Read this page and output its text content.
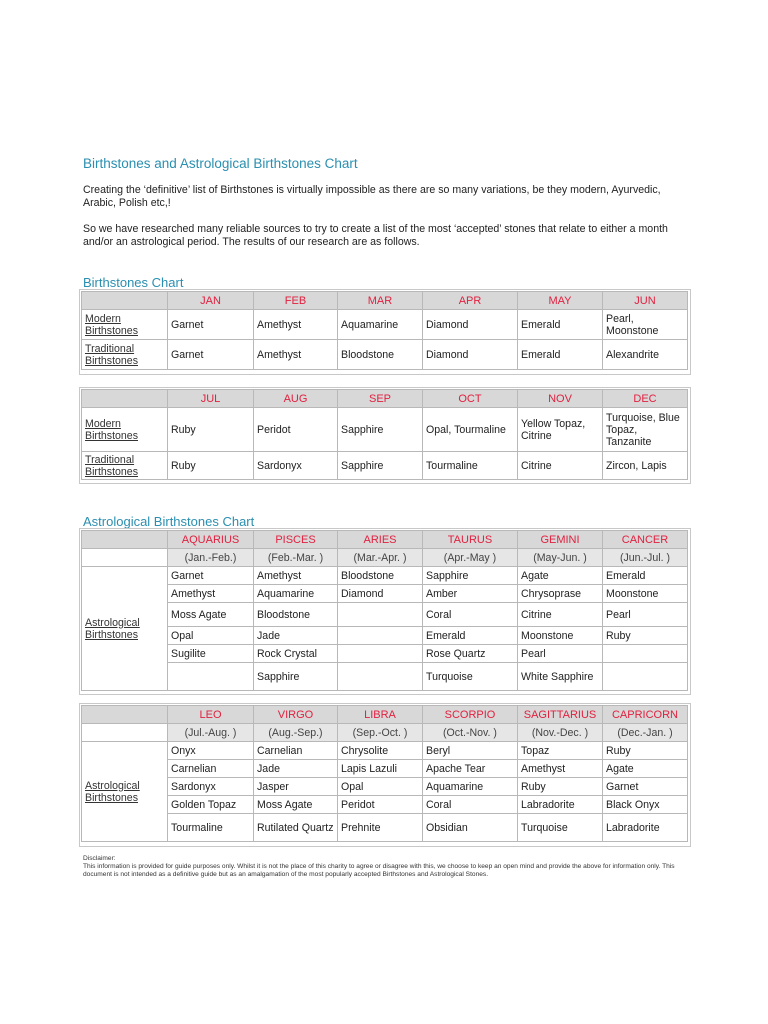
Birthstones and Astrological Birthstones Chart
Creating the ‘definitive’ list of Birthstones is virtually impossible as there are so many variations, be they modern, Ayurvedic, Arabic, Polish etc,!
So we have researched many reliable sources to try to create a list of the most ‘accepted’ stones that relate to either a month and/or an astrological period. The results of our research are as follows.
Birthstones Chart
	JAN	FEB	MAR	APR	MAY	JUN
Modern Birthstones	Garnet	Amethyst	Aquamarine	Diamond	Emerald	Pearl, Moonstone
Traditional Birthstones	Garnet	Amethyst	Bloodstone	Diamond	Emerald	Alexandrite
	JUL	AUG	SEP	OCT	NOV	DEC
Modern Birthstones	Ruby	Peridot	Sapphire	Opal, Tourmaline	Yellow Topaz, Citrine	Turquoise, Blue Topaz, Tanzanite
Traditional Birthstones	Ruby	Sardonyx	Sapphire	Tourmaline	Citrine	Zircon, Lapis
Astrological Birthstones Chart
	AQUARIUS	PISCES	ARIES	TAURUS	GEMINI	CANCER
	(Jan.-Feb.)	(Feb.-Mar. )	(Mar.-Apr. )	(Apr.-May )	(May-Jun. )	(Jun.-Jul. )
Astrological Birthstones	Garnet	Amethyst	Bloodstone	Sapphire	Agate	Emerald
	Amethyst	Aquamarine	Diamond	Amber	Chrysoprase	Moonstone
	Moss Agate	Bloodstone		Coral	Citrine	Pearl
	Opal	Jade		Emerald	Moonstone	Ruby
	Sugilite	Rock Crystal		Rose Quartz	Pearl	
		Sapphire		Turquoise	White Sapphire	
	LEO	VIRGO	LIBRA	SCORPIO	SAGITTARIUS	CAPRICORN
	(Jul.-Aug. )	(Aug.-Sep.)	(Sep.-Oct. )	(Oct.-Nov. )	(Nov.-Dec. )	(Dec.-Jan. )
Astrological Birthstones	Onyx	Carnelian	Chrysolite	Beryl	Topaz	Ruby
	Carnelian	Jade	Lapis Lazuli	Apache Tear	Amethyst	Agate
	Sardonyx	Jasper	Opal	Aquamarine	Ruby	Garnet
	Golden Topaz	Moss Agate	Peridot	Coral	Labradorite	Black Onyx
	Tourmaline	Rutilated Quartz	Prehnite	Obsidian	Turquoise	Labradorite
Disclaimer:
This information is provided for guide purposes only. Whilst it is not the place of this charity to agree or disagree with this, we choose to keep an open mind and provide the above for information only. This document is not intended as a definitive guide but as an amalgamation of the most popularly accepted Birthstones and Astrological Stones.
